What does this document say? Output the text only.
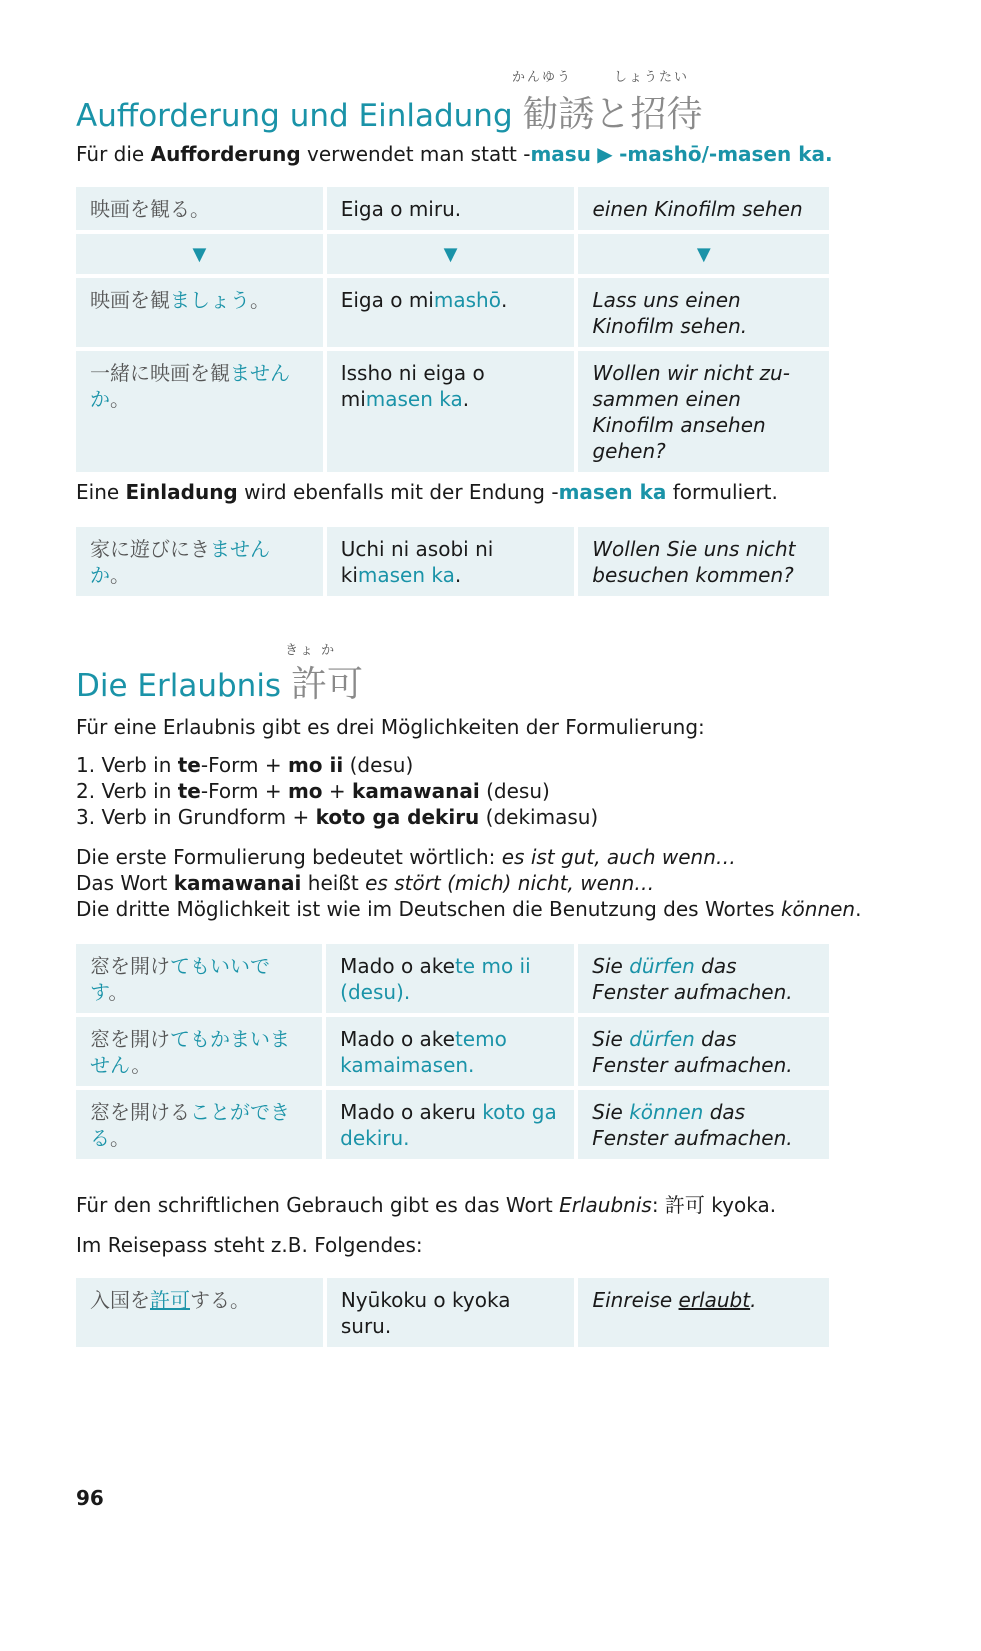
かんゆう	しょうたい
Aufforderung und Einladung 勧誘と招待
Für die Aufforderung verwendet man statt -masu ▶ -mashō/-masen ka.
映画を観る。	Eiga o miru.	einen Kinofilm sehen
▼	▼	▼
映画を観ましょう。	Eiga o mimashō.	Lass uns einen Kinofilm sehen.
一緒に映画を観ませんか。	Issho ni eiga o mimasen ka.	Wollen wir nicht zusammen einen Kinofilm ansehen gehen?
Eine Einladung wird ebenfalls mit der Endung -masen ka formuliert.
家に遊びにきませんか。	Uchi ni asobi ni kimasen ka.	Wollen Sie uns nicht besuchen kommen?
きょ か
Die Erlaubnis 許可
Für eine Erlaubnis gibt es drei Möglichkeiten der Formulierung:
1. Verb in te-Form + mo ii (desu)
2. Verb in te-Form + mo + kamawanai (desu)
3. Verb in Grundform + koto ga dekiru (dekimasu)
Die erste Formulierung bedeutet wörtlich: es ist gut, auch wenn…
Das Wort kamawanai heißt es stört (mich) nicht, wenn…
Die dritte Möglichkeit ist wie im Deutschen die Benutzung des Wortes können.
窓を開けてもいいです。	Mado o akete mo ii (desu).	Sie dürfen das Fenster aufmachen.
窓を開けてもかまいません。	Mado o aketemo kamaimasen.	Sie dürfen das Fenster aufmachen.
窓を開けることができる。	Mado o akeru koto ga dekiru.	Sie können das Fenster aufmachen.
Für den schriftlichen Gebrauch gibt es das Wort Erlaubnis: 許可 kyoka.
Im Reisepass steht z.B. Folgendes:
入国を許可する。	Nyūkoku o kyoka suru.	Einreise erlaubt.
96
